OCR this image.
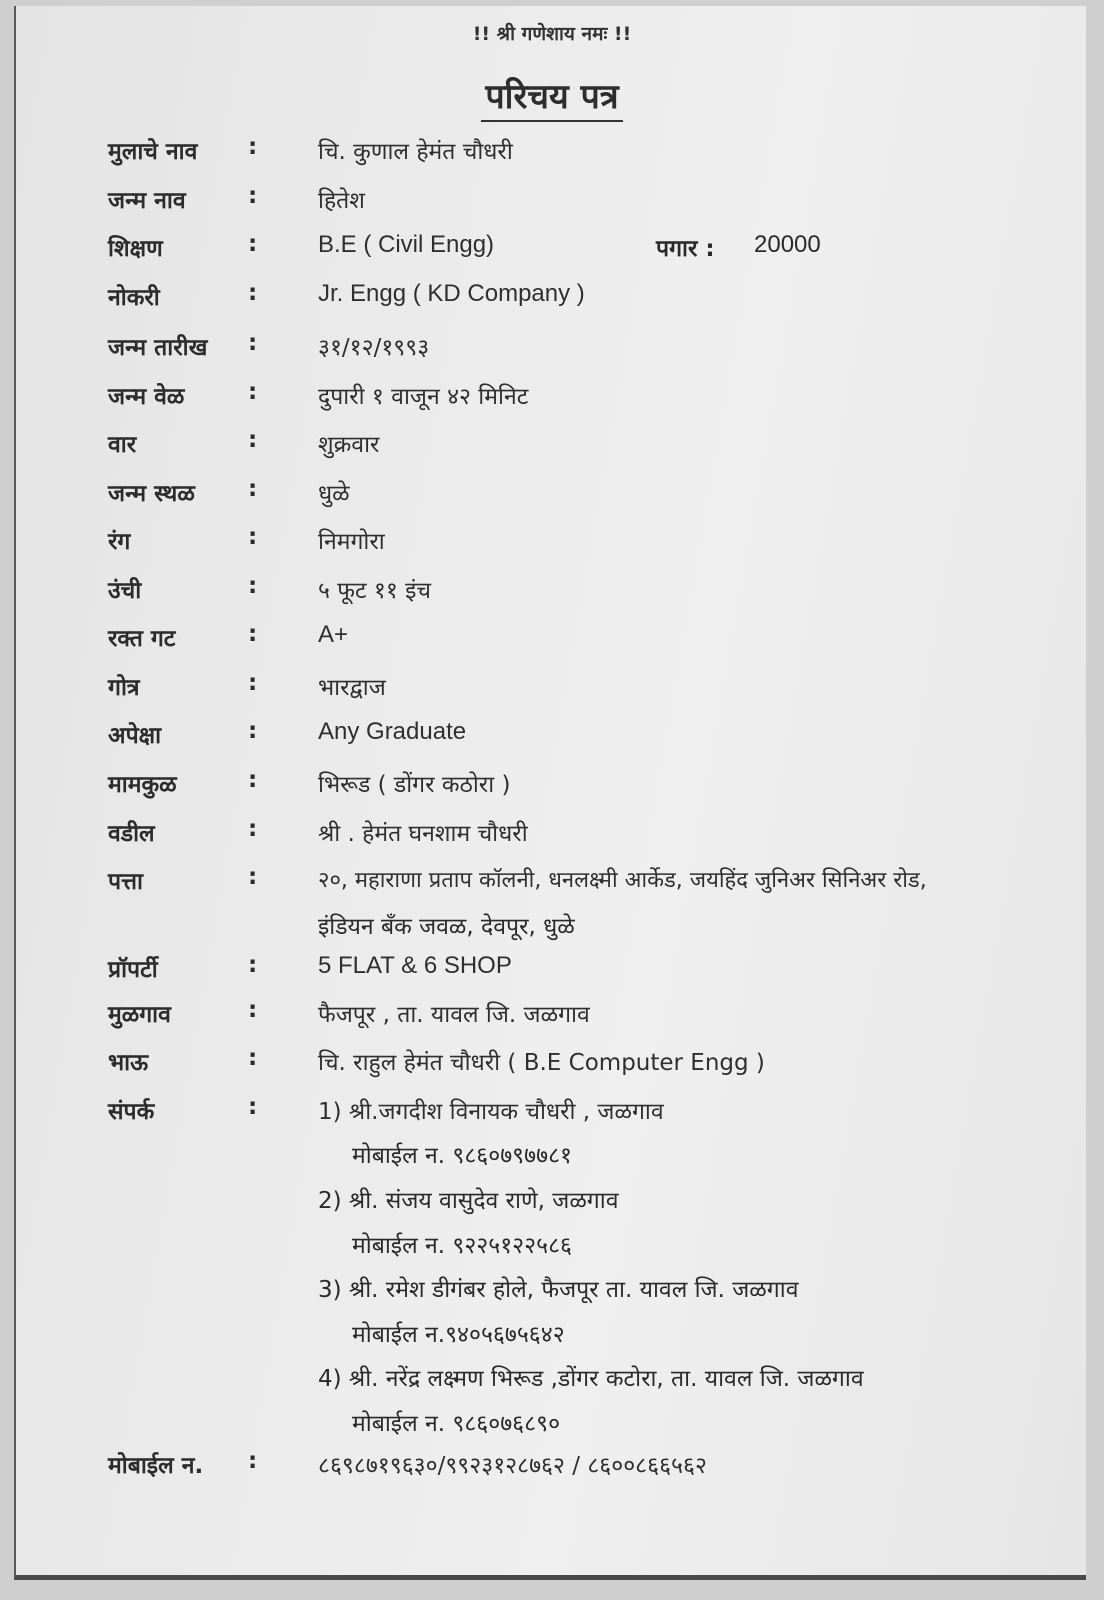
!! श्री गणेशाय नमः !!
परिचय पत्र
मुलाचे नाव :	चि. कुणाल हेमंत चौधरी
जन्म नाव	:	हितेश
शिक्षण	:	B.E ( Civil Engg)	पगार : 20000
नोकरी	:	Jr. Engg ( KD Company )
जन्म तारीख :	३१/१२/१९९३
जन्म वेळ	:	दुपारी १ वाजून ४२ मिनिट
वार	:	शुक्रवार
जन्म स्थळ :	धुळे
रंग	:	निमगोरा
उंची	:	५ फूट ११ इंच
रक्त गट	:	A+
गोत्र	:	भारद्वाज
अपेक्षा	:	Any Graduate
मामकुळ	:	भिरूड ( डोंगर कठोरा )
वडील	:	श्री . हेमंत घनशाम चौधरी
पत्ता	:	२०, महाराणा प्रताप कॉलनी, धनलक्ष्मी आर्केड, जयहिंद जुनिअर सिनिअर रोड,
इंडियन बँक जवळ, देवपूर, धुळे
प्रॉपर्टी	:	5 FLAT & 6 SHOP
मुळगाव	:	फैजपूर , ता. यावल जि. जळगाव
भाऊ	:	चि. राहुल हेमंत चौधरी ( B.E Computer Engg )
संपर्क	:	1) श्री.जगदीश विनायक चौधरी , जळगाव
मोबाईल न. ९८६०७९७७८१
2) श्री. संजय वासुदेव राणे, जळगाव
मोबाईल न. ९२२५१२२५८६
3) श्री. रमेश डीगंबर होले, फैजपूर ता. यावल जि. जळगाव
मोबाईल न.९४०५६७५६४२
4) श्री. नरेंद्र लक्ष्मण भिरूड ,डोंगर कटोरा, ता. यावल जि. जळगाव
मोबाईल न. ९८६०७६८९०
मोबाईल न. :	८६९८७१९६३०/९९२३१२८७६२ / ८६००८६६५६२
